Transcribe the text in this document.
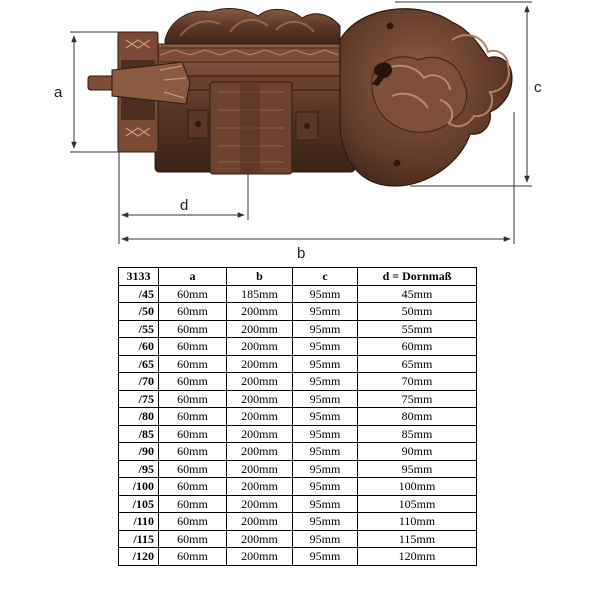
a	c
d
b
3133	a	b	c	d = Dornmaß
/45	60mm	185mm	95mm	45mm
/50	60mm	200mm	95mm	50mm
/55	60mm	200mm	95mm	55mm
/60	60mm	200mm	95mm	60mm
/65	60mm	200mm	95mm	65mm
/70	60mm	200mm	95mm	70mm
/75	60mm	200mm	95mm	75mm
/80	60mm	200mm	95mm	80mm
/85	60mm	200mm	95mm	85mm
/90	60mm	200mm	95mm	90mm
/95	60mm	200mm	95mm	95mm
/100	60mm	200mm	95mm	100mm
/105	60mm	200mm	95mm	105mm
/110	60mm	200mm	95mm	110mm
/115	60mm	200mm	95mm	115mm
/120	60mm	200mm	95mm	120mm
